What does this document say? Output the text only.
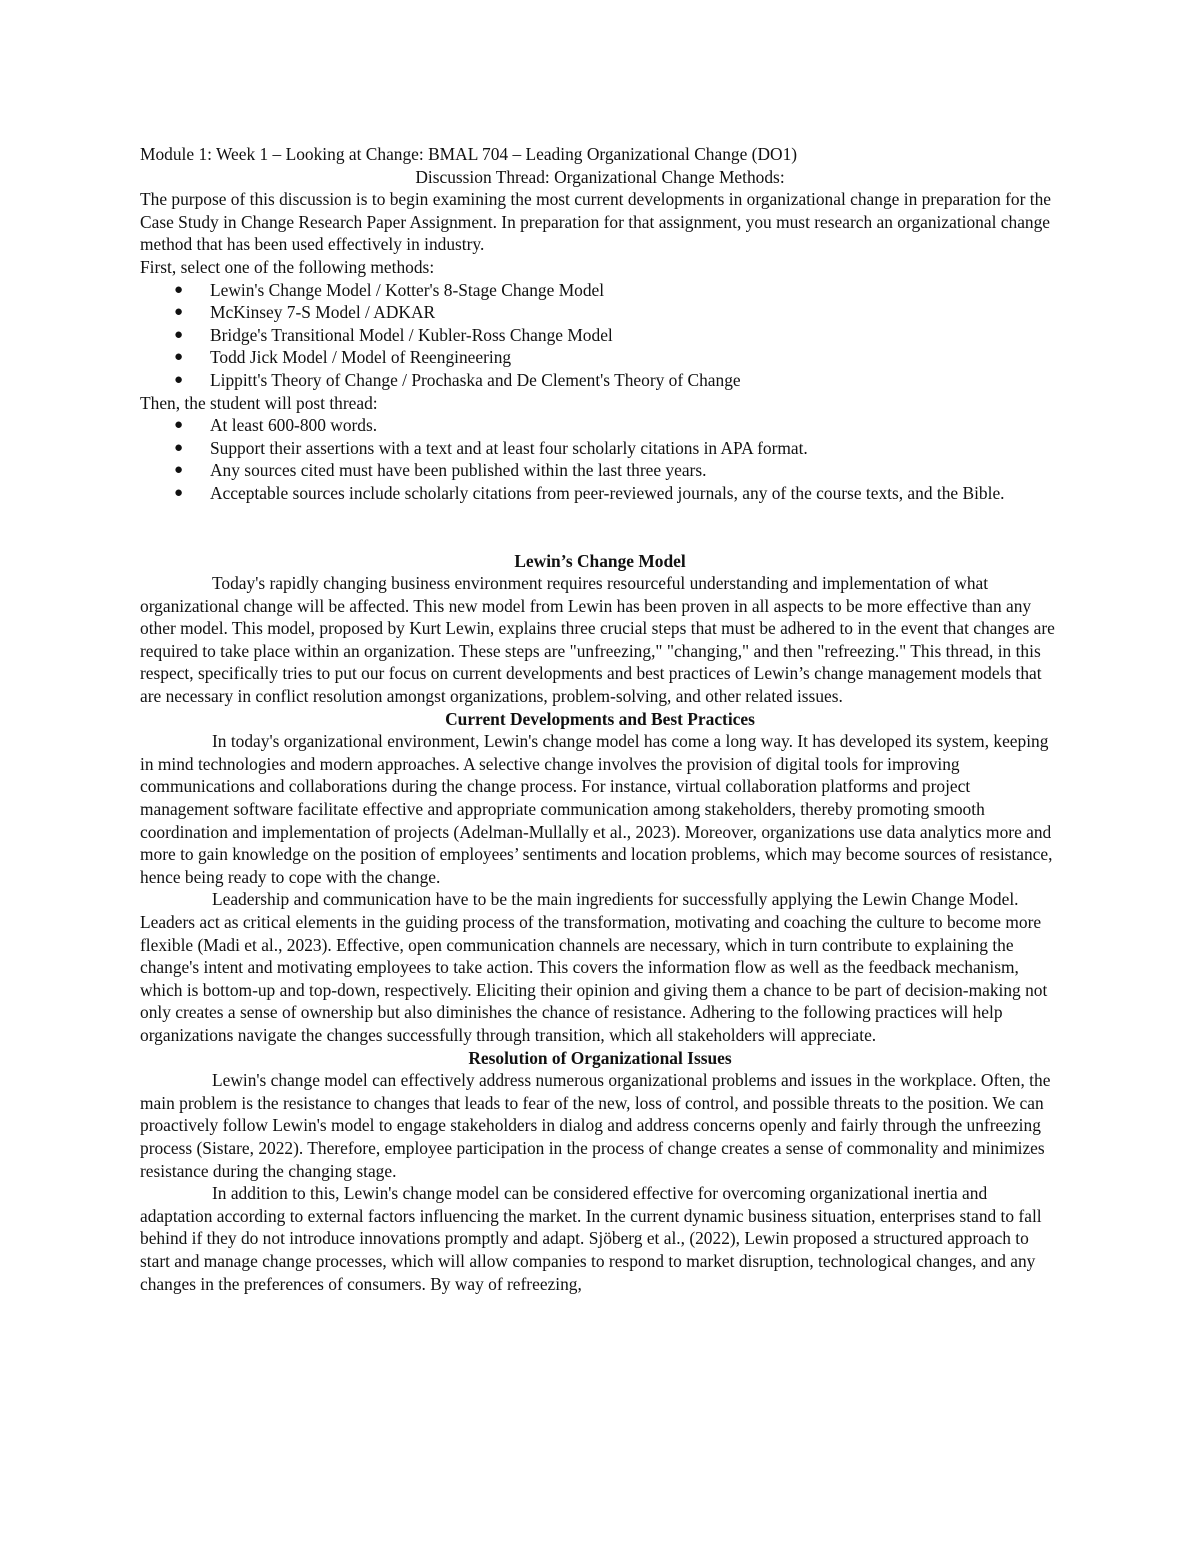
Module 1: Week 1 – Looking at Change: BMAL 704 – Leading Organizational Change (DO1)

Discussion Thread: Organizational Change Methods:

The purpose of this discussion is to begin examining the most current developments in organizational change in preparation for the Case Study in Change Research Paper Assignment. In preparation for that assignment, you must research an organizational change method that has been used effectively in industry.

First, select one of the following methods:

● Lewin's Change Model / Kotter's 8-Stage Change Model
● McKinsey 7-S Model / ADKAR
● Bridge's Transitional Model / Kubler-Ross Change Model
● Todd Jick Model / Model of Reengineering
● Lippitt's Theory of Change / Prochaska and De Clement's Theory of Change

Then, the student will post thread:

● At least 600-800 words.
● Support their assertions with a text and at least four scholarly citations in APA format.
● Any sources cited must have been published within the last three years.
● Acceptable sources include scholarly citations from peer-reviewed journals, any of the course texts, and the Bible.
Lewin’s Change Model

Today's rapidly changing business environment requires resourceful understanding and implementation of what organizational change will be affected. This new model from Lewin has been proven in all aspects to be more effective than any other model. This model, proposed by Kurt Lewin, explains three crucial steps that must be adhered to in the event that changes are required to take place within an organization. These steps are "unfreezing," "changing," and then "refreezing." This thread, in this respect, specifically tries to put our focus on current developments and best practices of Lewin’s change management models that are necessary in conflict resolution amongst organizations, problem-solving, and other related issues.

Current Developments and Best Practices

In today's organizational environment, Lewin's change model has come a long way. It has developed its system, keeping in mind technologies and modern approaches. A selective change involves the provision of digital tools for improving communications and collaborations during the change process. For instance, virtual collaboration platforms and project management software facilitate effective and appropriate communication among stakeholders, thereby promoting smooth coordination and implementation of projects (Adelman-Mullally et al., 2023). Moreover, organizations use data analytics more and more to gain knowledge on the position of employees’ sentiments and location problems, which may become sources of resistance, hence being ready to cope with the change.

Leadership and communication have to be the main ingredients for successfully applying the Lewin Change Model. Leaders act as critical elements in the guiding process of the transformation, motivating and coaching the culture to become more flexible (Madi et al., 2023). Effective, open communication channels are necessary, which in turn contribute to explaining the change's intent and motivating employees to take action. This covers the information flow as well as the feedback mechanism, which is bottom-up and top-down, respectively. Eliciting their opinion and giving them a chance to be part of decision-making not only creates a sense of ownership but also diminishes the chance of resistance. Adhering to the following practices will help organizations navigate the changes successfully through transition, which all stakeholders will appreciate.

Resolution of Organizational Issues

Lewin's change model can effectively address numerous organizational problems and issues in the workplace. Often, the main problem is the resistance to changes that leads to fear of the new, loss of control, and possible threats to the position. We can proactively follow Lewin's model to engage stakeholders in dialog and address concerns openly and fairly through the unfreezing process (Sistare, 2022). Therefore, employee participation in the process of change creates a sense of commonality and minimizes resistance during the changing stage.

In addition to this, Lewin's change model can be considered effective for overcoming organizational inertia and adaptation according to external factors influencing the market. In the current dynamic business situation, enterprises stand to fall behind if they do not introduce innovations promptly and adapt. Sjöberg et al., (2022), Lewin proposed a structured approach to start and manage change processes, which will allow companies to respond to market disruption, technological changes, and any changes in the preferences of consumers. By way of refreezing,
